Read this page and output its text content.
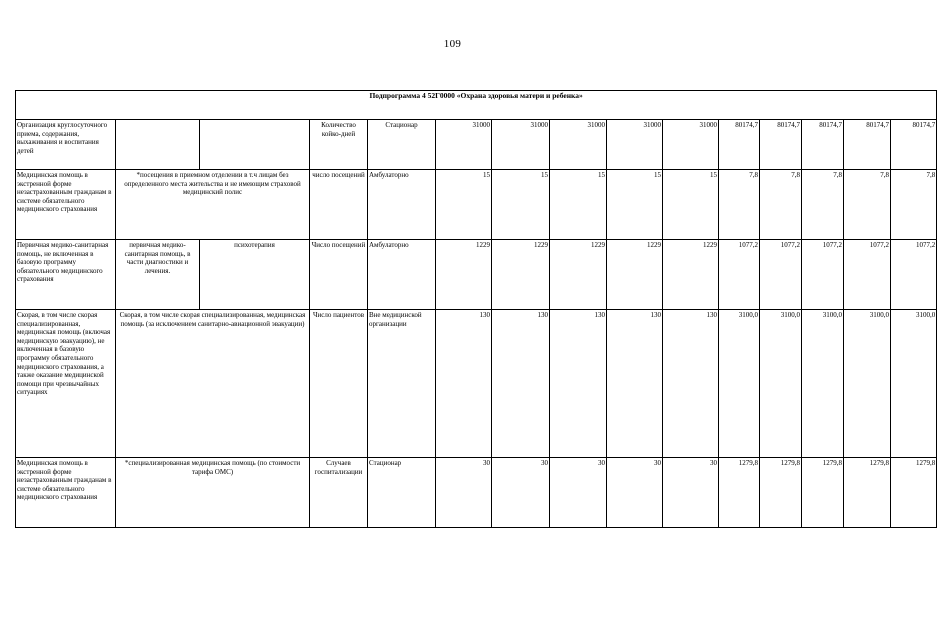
109
Подпрограмма 4 52Г0000 «Охрана здоровья матери и ребенка»														
Организация круглосуточного приема, содержания, выхаживания и воспитания детей			Количество койко-дней	Стационар	31000	31000	31000	31000	31000	80174,7	80174,7	80174,7	80174,7	80174,7
Медицинская помощь в экстренной форме незастрахованным гражданам в системе обязательного медицинского страхования	*посещения в приемном отделении в т.ч лицам без определенного места жительства и не имеющим страховой медицинский полис		число посещений	Амбулаторно	15	15	15	15	15	7,8	7,8	7,8	7,8	7,8
Первичная медико-санитарная помощь, не включенная в базовую программу обязательного медицинского страхования	первичная медико-санитарная помощь, в части диагностики и лечения.	психотерапия	Число посещений	Амбулаторно	1229	1229	1229	1229	1229	1077,2	1077,2	1077,2	1077,2	1077,2
Скорая, в том числе скорая специализированная, медицинская помощь (включая медицинскую эвакуацию), не включенная в базовую программу обязательного медицинского страхования, а также оказание медицинской помощи при чрезвычайных ситуациях	Скорая, в том числе скорая специализированная, медицинская помощь (за исключением санитарно-авиационной эвакуации)		Число пациентов	Вне медицинской организации	130	130	130	130	130	3100,0	3100,0	3100,0	3100,0	3100,0
Медицинская помощь в экстренной форме незастрахованным гражданам в системе обязательного медицинского страхования	*специализированная медицинская помощь (по стоимости тарифа ОМС)		Случаев госпитализации	Стационар	30	30	30	30	30	1279,8	1279,8	1279,8	1279,8	1279,8
